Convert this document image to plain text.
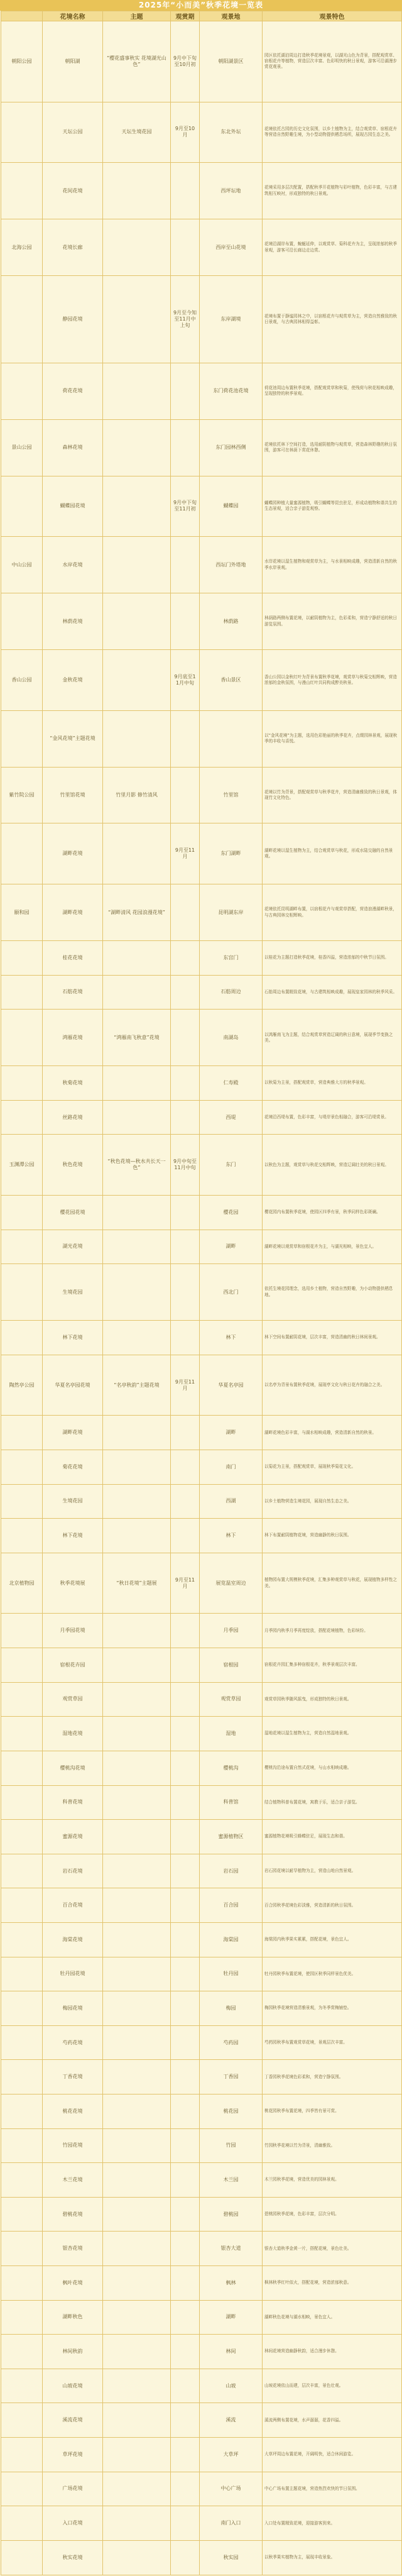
2025年“小而美”秋季花境一览表
	花境名称	主题	观赏期	观景地	观景特色
朝阳公园	朝阳湖	“樱花盛事秋实 花境湖光山色”	9月中下旬至10月初	朝阳湖景区	园区依托湖泊周边打造秋季花境景观，以湖光山色为背景，搭配观赏草、宿根花卉等植物，营造层次丰富、色彩明快的秋日景观，游客可沿湖漫步赏花观景。
	天坛公园	天坛生境花园	9月至10月	东北外坛	花境依托古园的历史文化氛围，以乡土植物为主，结合观赏草、宿根花卉等营造自然野趣生境，为小型动物提供栖息场所，展现古园生态之美。
	花间花境			西坪坛地	花境采用多层次配置，搭配秋季开花植物与彩叶植物，色彩丰富，与古建筑相互映衬，形成独特的秋日景观。
北海公园	花境长廊			西岸至山花境	花境沿湖岸布置，蜿蜒延伸，以观赏草、菊科花卉为主，呈现浓郁的秋季景观，游客可沿长廊边走边赏。
	静园花境		9月至今知至11月中上旬	东岸湖境	花境布置于静谧园林之中，以宿根花卉与观赏草为主，营造自然雅致的秋日景观，与古典园林相得益彰。
	荷花花境			东门荷花池花境	荷花池周边布置秋季花境，搭配观赏草和秋菊，使残荷与秋花相映成趣，呈现独特的秋季景观。
景山公园	森林花境			东门园林西侧	花境依托林下空间打造，选用耐阴植物与观赏草，营造森林野趣的秋日氛围，游客可在林荫下赏花休憩。
	蝴蝶园花境		9月中下旬至11月初	蝴蝶园	蝴蝶园种植大量蜜源植物，吸引蝴蝶等昆虫驻足，形成动植物和谐共生的生态景观，适合亲子游览观察。
中山公园	水岸花境			西坛门外塔地	水岸花境以湿生植物和观赏草为主，与水景相映成趣，营造清新自然的秋季水岸景观。
	林荫花境			林荫路	林荫路两侧布置花境，以耐阴植物为主，色彩柔和，营造宁静舒适的秋日游览氛围。
香山公园	金秋花境		9月底至11月中旬	香山景区	香山公园以金秋红叶为背景布置秋季花境，观赏草与秋菊交相辉映，营造浓郁的金秋氛围，与漫山红叶共同构成醉美秋景。
	“金风花境”主题花境				以“金风花境”为主题，选用色彩艳丽的秋季花卉，点缀园林景观，展现秋季的丰收与喜悦。
紫竹院公园	竹里馆花境	竹里月影 修竹清风		竹里馆	花境以竹为背景，搭配观赏草与秋季花卉，营造清幽雅致的秋日景观，体现竹文化特色。
	湖畔花境		9月至11月	东门湖畔	湖畔花境以湿生植物为主，结合观赏草与秋花，形成水陆交融的自然景观。
颐和园	湖畔花境	“湖畔清风 花园浪漫花境”		昆明湖东岸	花境依托昆明湖畔布置，以宿根花卉与观赏草搭配，营造浪漫湖畔秋景，与古典园林交相辉映。
	桂花花境			东宫门	以桂花为主题打造秋季花境，桂香四溢，营造浓郁的中秋节日氛围。
	石舫花境			石舫周边	石舫周边布置精致花境，与古建筑相映成趣，展现皇家园林的秋季风采。
	鸿雁花境	“鸿雁南飞秋意”花境		南湖岛	以鸿雁南飞为主题，结合观赏草营造辽阔的秋日意境，展现季节变换之美。
	秋菊花境			仁寿殿	以秋菊为主景，搭配观赏草，营造典雅大方的秋季景观。
	丝路花境			西堤	花境沿西堤布置，色彩丰富，与堤岸景色相融合，游客可沿堤赏景。
玉渊潭公园	秋色花境	“秋色花境—秋水共长天一色”	9月中旬至11月中旬	东门	以秋色为主题，观赏草与秋花交相辉映，营造辽阔壮美的秋日景观。
	樱花园花境			樱花园	樱花园内布置秋季花境，使园区四季有景，秋季同样色彩斑斓。
	湖光花境			湖畔	湖畔花境以观赏草和宿根花卉为主，与湖光相映，景色宜人。
	生境花园			西北门	依托生境花园理念，选用乡土植物，营造自然野趣，为小动物提供栖息地。
	林下花境			林下	林下空间布置耐阴花境，层次丰富，营造清幽的秋日林间景观。
陶然亭公园	华夏名亭园花境	“名亭秋韵”主题花境	9月至11月	华夏名亭园	以名亭为背景布置秋季花境，展现亭文化与秋日花卉的融合之美。
	湖畔花境			湖畔	湖畔花境色彩丰富，与湖水相映成趣，营造清新自然的秋景。
	菊花花境			南门	以菊花为主景，搭配观赏草，展现秋季菊花文化。
	生境花园			西湖	以乡土植物营造生境花园，展现自然生态之美。
	林下花境			林下	林下布置耐阴植物花境，营造幽静的秋日氛围。
北京植物园	秋季花境展	“秋日花境”主题展	9月至11月	展览温室周边	植物园布置大规模秋季花境，汇集多种观赏草与秋花，展现植物多样性之美。
	月季园花境			月季园	月季园内秋季月季再度绽放，搭配花境植物，色彩缤纷。
	宿根花卉园			宿根园	宿根花卉园汇集多种宿根花卉，秋季景观层次丰富。
	观赏草园			观赏草园	观赏草园秋季随风摇曳，形成独特的秋日景观。
	湿地花境			湿地	湿地花境以湿生植物为主，营造自然湿地景观。
	樱桃沟花境			樱桃沟	樱桃沟沿途布置自然式花境，与山水相映成趣。
	科普花境			科普馆	结合植物科普布置花境，寓教于乐，适合亲子游览。
	蜜源花境			蜜源植物区	蜜源植物花境吸引蜂蝶驻足，展现生态和谐。
	岩石花境			岩石园	岩石园花境以耐旱植物为主，营造山地自然景观。
	百合花境			百合园	百合园秋季花境色彩淡雅，营造清新的秋日氛围。
	海棠花境			海棠园	海棠园内秋季果实累累，搭配花境，景色宜人。
	牡丹园花境			牡丹园	牡丹园秋季布置花境，使园区秋季同样景色优美。
	梅园花境			梅园	梅园秋季花境营造清雅景观，为冬季赏梅铺垫。
	芍药花境			芍药园	芍药园秋季布置观赏草花境，景观层次丰富。
	丁香花境			丁香园	丁香园秋季花境色彩柔和，营造宁静氛围。
	桃花花境			桃花园	桃花园秋季布置花境，四季皆有景可赏。
	竹园花境			竹园	竹园秋季花境以竹为背景，清幽雅致。
	木兰花境			木兰园	木兰园秋季花境，营造优美的园林景观。
	碧桃花境			碧桃园	碧桃园秋季花境，色彩丰富，层次分明。
	银杏花境			银杏大道	银杏大道秋季金黄一片，搭配花境，景色壮美。
	枫叶花境			枫林	枫林秋季红叶似火，搭配花境，营造浓郁秋意。
	湖畔秋色			湖畔	湖畔秋色花境与湖水相映，景色宜人。
	林间秋韵			林间	林间花境营造幽静秋韵，适合漫步休憩。
	山坡花境			山坡	山坡花境依山而建，层次丰富，景色壮观。
	溪流花境			溪流	溪流两侧布置花境，水声潺潺，花香四溢。
	草坪花境			大草坪	大草坪周边布置花境，开阔明快，适合休闲游览。
	广场花境			中心广场	中心广场布置主题花境，营造热烈欢快的节日氛围。
	入口花境			南门入口	入口处布置精致花境，迎接游客到来。
	秋实花境			秋实园	以秋季果实植物为主，展现丰收景象。
